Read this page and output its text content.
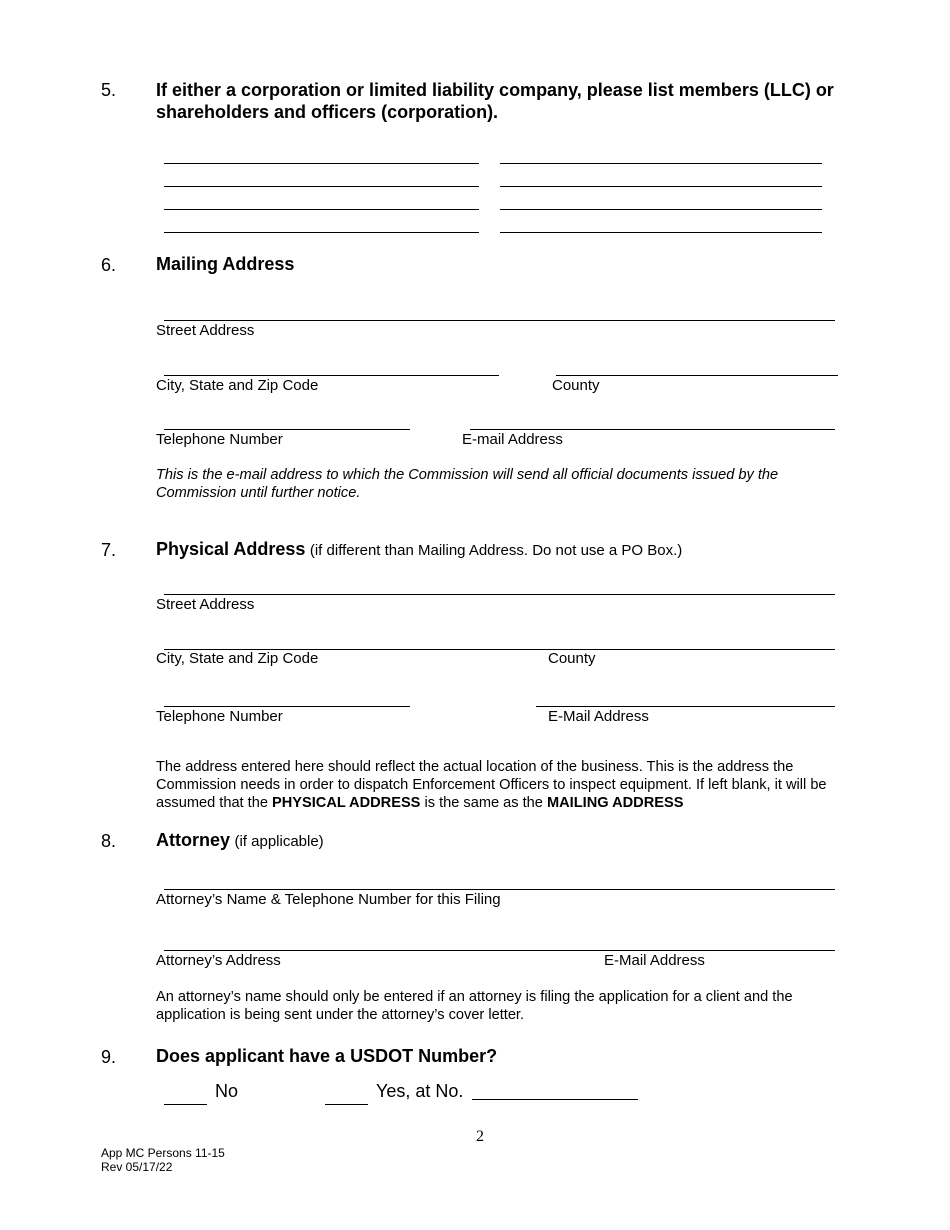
5. If either a corporation or limited liability company, please list members (LLC) or shareholders and officers (corporation).
6. Mailing Address
Street Address
City, State and Zip Code	County
Telephone Number	E-mail Address
This is the e-mail address to which the Commission will send all official documents issued by the Commission until further notice.
7. Physical Address (if different than Mailing Address. Do not use a PO Box.)
Street Address
City, State and Zip Code	County
Telephone Number	E-Mail Address
The address entered here should reflect the actual location of the business. This is the address the Commission needs in order to dispatch Enforcement Officers to inspect equipment. If left blank, it will be assumed that the PHYSICAL ADDRESS is the same as the MAILING ADDRESS
8. Attorney (if applicable)
Attorney’s Name & Telephone Number for this Filing
Attorney’s Address	E-Mail Address
An attorney’s name should only be entered if an attorney is filing the application for a client and the application is being sent under the attorney’s cover letter.
9. Does applicant have a USDOT Number?
No	Yes, at No.
2
App MC Persons 11-15
Rev 05/17/22
